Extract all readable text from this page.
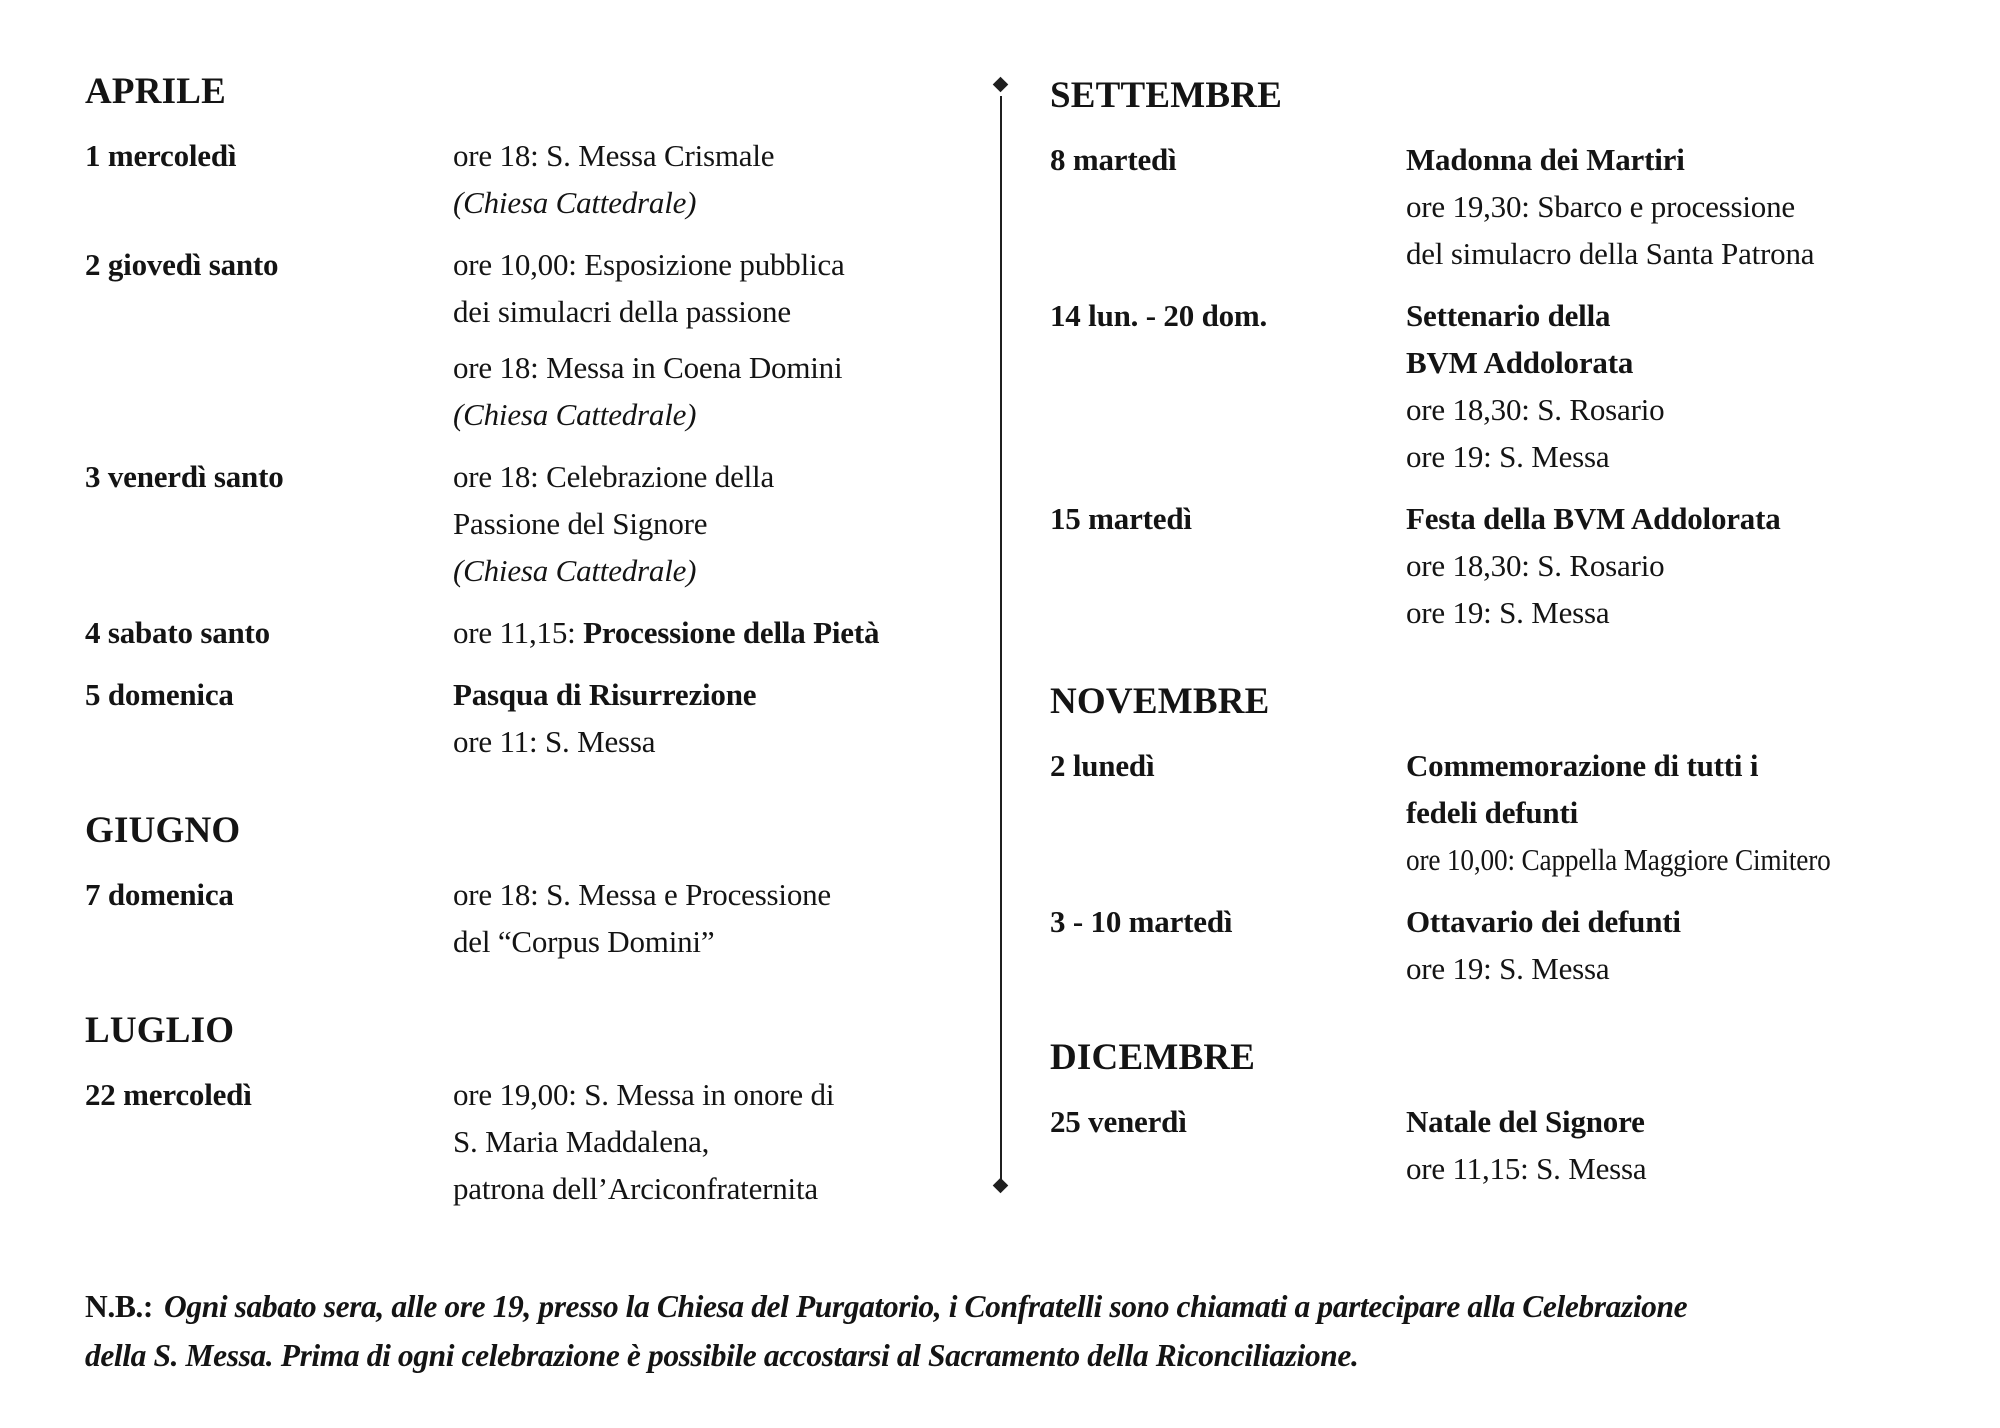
APRILE
1 mercoledì	ore 18: S. Messa Crismale
(Chiesa Cattedrale)
2 giovedì santo	ore 10,00: Esposizione pubblica
dei simulacri della passione
ore 18: Messa in Coena Domini
(Chiesa Cattedrale)
3 venerdì santo	ore 18: Celebrazione della
Passione del Signore
(Chiesa Cattedrale)
4 sabato santo	ore 11,15: Processione della Pietà
5 domenica	Pasqua di Risurrezione
ore 11: S. Messa
GIUGNO
7 domenica	ore 18: S. Messa e Processione
del “Corpus Domini”
LUGLIO
22 mercoledì	ore 19,00: S. Messa in onore di
S. Maria Maddalena,
patrona dell’Arciconfraternita
SETTEMBRE
8 martedì	Madonna dei Martiri
ore 19,30: Sbarco e processione
del simulacro della Santa Patrona
14 lun. - 20 dom.	Settenario della
BVM Addolorata
ore 18,30: S. Rosario
ore 19: S. Messa
15 martedì	Festa della BVM Addolorata
ore 18,30: S. Rosario
ore 19: S. Messa
NOVEMBRE
2 lunedì	Commemorazione di tutti i
fedeli defunti
ore 10,00: Cappella Maggiore Cimitero
3 - 10 martedì	Ottavario dei defunti
ore 19: S. Messa
DICEMBRE
25 venerdì	Natale del Signore
ore 11,15: S. Messa
N.B.: Ogni sabato sera, alle ore 19, presso la Chiesa del Purgatorio, i Confratelli sono chiamati a partecipare alla Celebrazione
della S. Messa. Prima di ogni celebrazione è possibile accostarsi al Sacramento della Riconciliazione.
